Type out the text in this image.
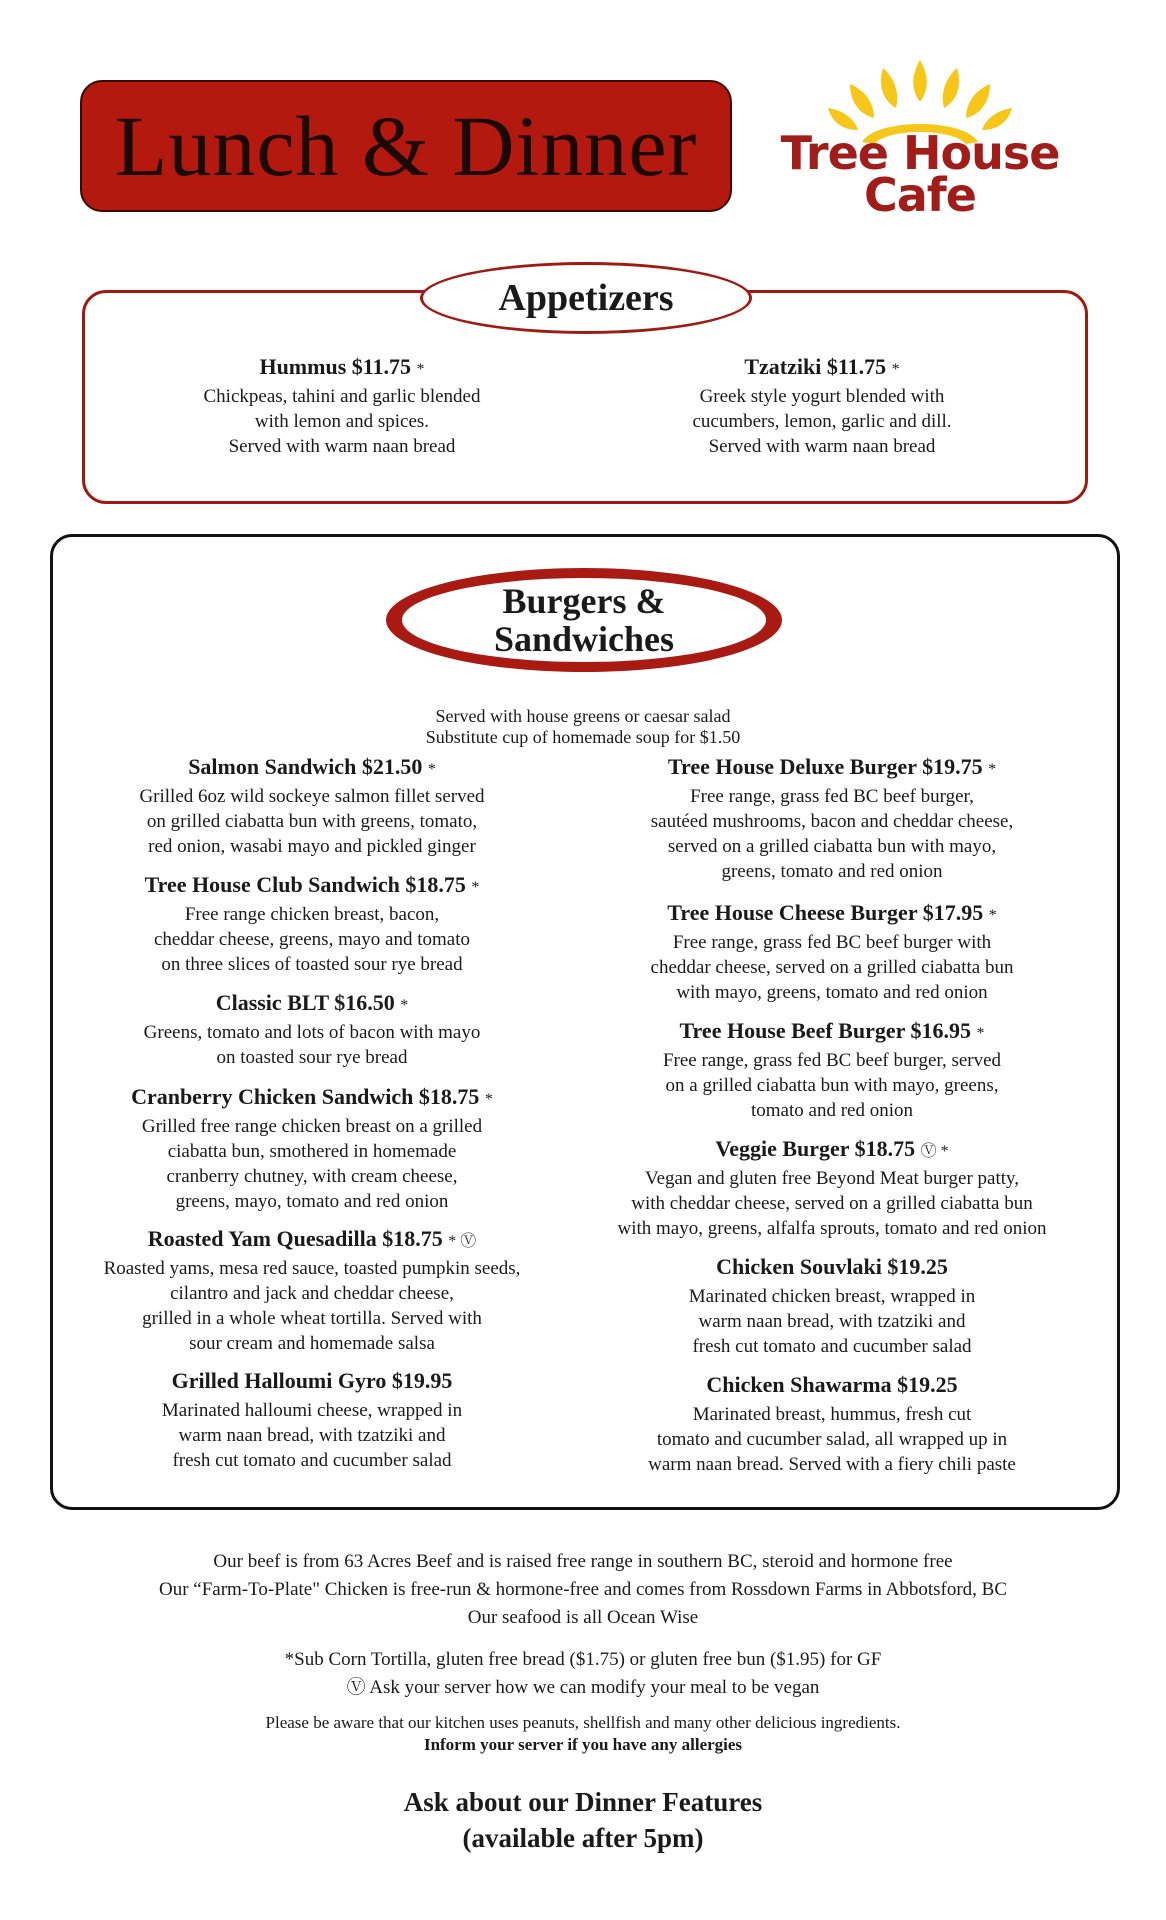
Lunch & Dinner Tree House
Cafe
Appetizers
Hummus $11.75 *
Chickpeas, tahini and garlic blended
with lemon and spices.
Served with warm naan bread
Tzatziki $11.75 *
Greek style yogurt blended with
cucumbers, lemon, garlic and dill.
Served with warm naan bread
Burgers &
Sandwiches
Served with house greens or caesar salad
Substitute cup of homemade soup for $1.50
Salmon Sandwich $21.50 *
Grilled 6oz wild sockeye salmon fillet served
on grilled ciabatta bun with greens, tomato,
red onion, wasabi mayo and pickled ginger
Tree House Club Sandwich $18.75 *
Free range chicken breast, bacon,
cheddar cheese, greens, mayo and tomato
on three slices of toasted sour rye bread
Classic BLT $16.50 *
Greens, tomato and lots of bacon with mayo
on toasted sour rye bread
Cranberry Chicken Sandwich $18.75 *
Grilled free range chicken breast on a grilled
ciabatta bun, smothered in homemade
cranberry chutney, with cream cheese,
greens, mayo, tomato and red onion
Roasted Yam Quesadilla $18.75 * Ⓥ
Roasted yams, mesa red sauce, toasted pumpkin seeds,
cilantro and jack and cheddar cheese,
grilled in a whole wheat tortilla. Served with
sour cream and homemade salsa
Grilled Halloumi Gyro $19.95
Marinated halloumi cheese, wrapped in
warm naan bread, with tzatziki and
fresh cut tomato and cucumber salad
Tree House Deluxe Burger $19.75 *
Free range, grass fed BC beef burger,
sautéed mushrooms, bacon and cheddar cheese,
served on a grilled ciabatta bun with mayo,
greens, tomato and red onion
Tree House Cheese Burger $17.95 *
Free range, grass fed BC beef burger with
cheddar cheese, served on a grilled ciabatta bun
with mayo, greens, tomato and red onion
Tree House Beef Burger $16.95 *
Free range, grass fed BC beef burger, served
on a grilled ciabatta bun with mayo, greens,
tomato and red onion
Veggie Burger $18.75 Ⓥ *
Vegan and gluten free Beyond Meat burger patty,
with cheddar cheese, served on a grilled ciabatta bun
with mayo, greens, alfalfa sprouts, tomato and red onion
Chicken Souvlaki $19.25
Marinated chicken breast, wrapped in
warm naan bread, with tzatziki and
fresh cut tomato and cucumber salad
Chicken Shawarma $19.25
Marinated breast, hummus, fresh cut
tomato and cucumber salad, all wrapped up in
warm naan bread. Served with a fiery chili paste
Our beef is from 63 Acres Beef and is raised free range in southern BC, steroid and hormone free
Our “Farm-To-Plate" Chicken is free-run & hormone-free and comes from Rossdown Farms in Abbotsford, BC
Our seafood is all Ocean Wise
*Sub Corn Tortilla, gluten free bread ($1.75) or gluten free bun ($1.95) for GF
Ⓥ Ask your server how we can modify your meal to be vegan
Please be aware that our kitchen uses peanuts, shellfish and many other delicious ingredients.
Inform your server if you have any allergies
Ask about our Dinner Features
(available after 5pm)
